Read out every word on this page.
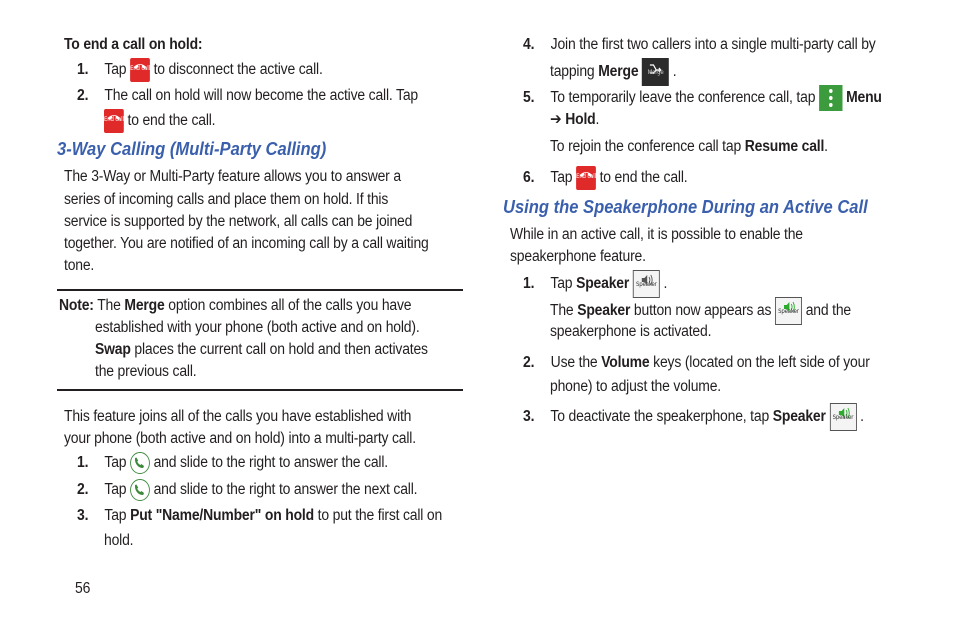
To end a call on hold:
1. Tap End call to disconnect the active call.
2. The call on hold will now become the active call. Tap
End call to end the call.
3-Way Calling (Multi-Party Calling)
The 3-Way or Multi-Party feature allows you to answer a
series of incoming calls and place them on hold. If this
service is supported by the network, all calls can be joined
together. You are notified of an incoming call by a call waiting
tone.
Note: The Merge option combines all of the calls you have
established with your phone (both active and on hold).
Swap places the current call on hold and then activates
the previous call.
This feature joins all of the calls you have established with
your phone (both active and on hold) into a multi-party call.
1. Tap and slide to the right to answer the call.
2. Tap and slide to the right to answer the next call.
3. Tap Put "Name/Number" on hold to put the first call on
hold.
56
4. Join the first two callers into a single multi-party call by
tapping Merge	Merge .
5. To temporarily leave the conference call, tap Menu
➔ Hold.
To rejoin the conference call tap Resume call.
6. Tap End call to end the call.
Using the Speakerphone During an Active Call
While in an active call, it is possible to enable the
speakerphone feature.
1. Tap Speaker	Speaker .
The Speaker button now appears as	Speaker and the
speakerphone is activated.
2. Use the Volume keys (located on the left side of your
phone) to adjust the volume.
3. To deactivate the speakerphone, tap Speaker	Speaker .
